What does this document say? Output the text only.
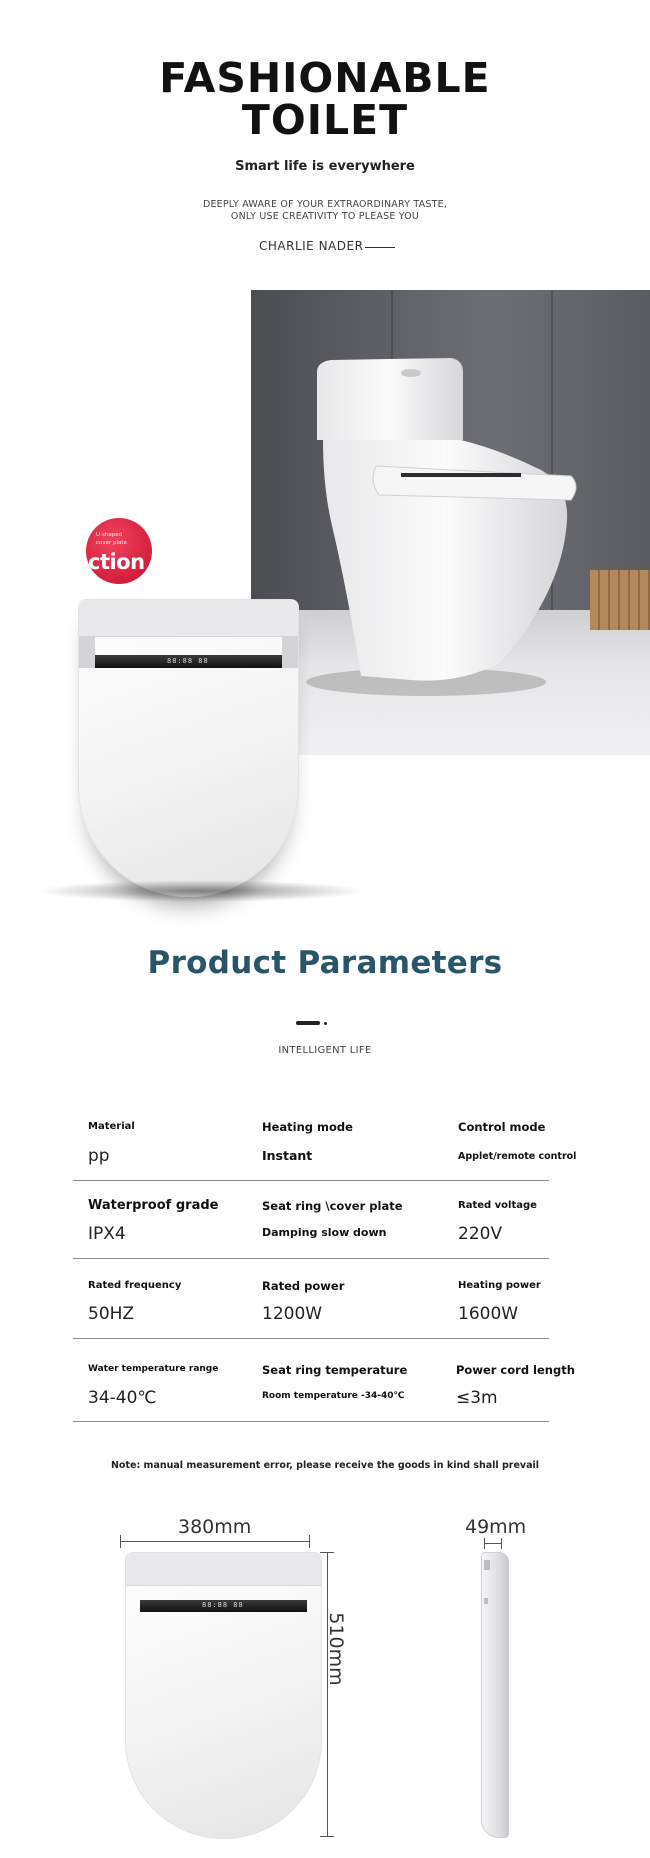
FASHIONABLE
TOILET
Smart life is everywhere
DEEPLY AWARE OF YOUR EXTRAORDINARY TASTE,
ONLY USE CREATIVITY TO PLEASE YOU
CHARLIE NADER
U-shaped
cover plate
ction
88:88 88
Product Parameters
INTELLIGENT LIFE
Material	Heating mode	Control mode
pp	Instant	Applet/remote control
Waterproof grade	Seat ring \cover plate	Rated voltage
IPX4	Damping slow down	220V
Rated frequency	Rated power	Heating power
50HZ	1200W	1600W
Water temperature range	Seat ring temperature	Power cord length
34-40℃	Room temperature -34-40℃	≤3m
Note: manual measurement error, please receive the goods in kind shall prevail
380mm
88:88 88
510mm
49mm
